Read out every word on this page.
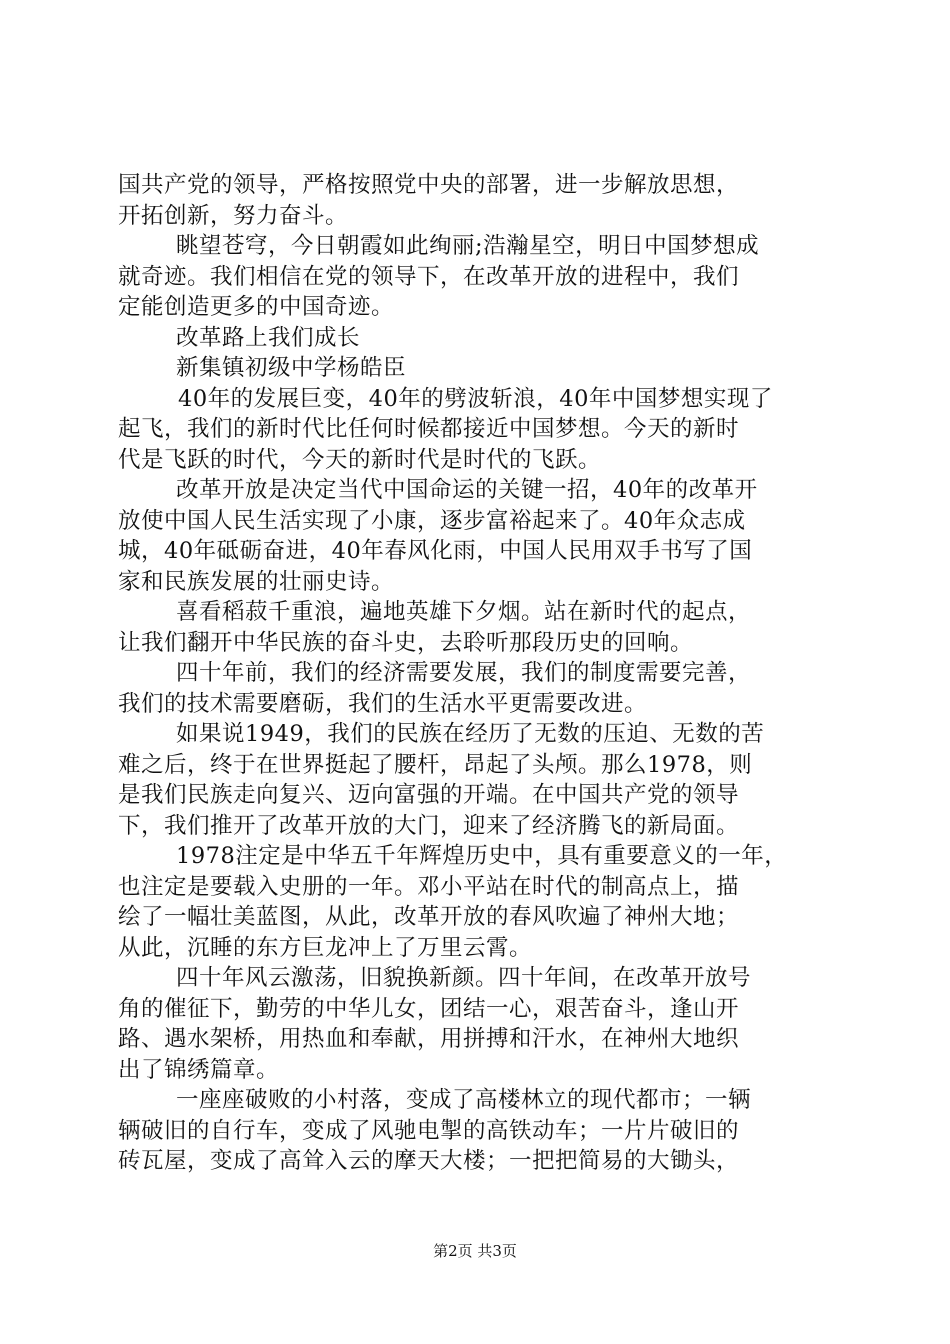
国共产党的领导，严格按照党中央的部署，进一步解放思想，
开拓创新，努力奋斗。
眺望苍穹，今日朝霞如此绚丽;浩瀚星空，明日中国梦想成
就奇迹。我们相信在党的领导下，在改革开放的进程中，我们
定能创造更多的中国奇迹。
改革路上我们成长
新集镇初级中学杨皓臣
40年的发展巨变，40年的劈波斩浪，40年中国梦想实现了
起飞，我们的新时代比任何时候都接近中国梦想。今天的新时
代是飞跃的时代，今天的新时代是时代的飞跃。
改革开放是决定当代中国命运的关键一招，40年的改革开
放使中国人民生活实现了小康，逐步富裕起来了。40年众志成
城，40年砥砺奋进，40年春风化雨，中国人民用双手书写了国
家和民族发展的壮丽史诗。
喜看稻菽千重浪，遍地英雄下夕烟。站在新时代的起点，
让我们翻开中华民族的奋斗史，去聆听那段历史的回响。
四十年前，我们的经济需要发展，我们的制度需要完善，
我们的技术需要磨砺，我们的生活水平更需要改进。
如果说1949，我们的民族在经历了无数的压迫、无数的苦
难之后，终于在世界挺起了腰杆，昂起了头颅。那么1978，则
是我们民族走向复兴、迈向富强的开端。在中国共产党的领导
下，我们推开了改革开放的大门，迎来了经济腾飞的新局面。
1978注定是中华五千年辉煌历史中，具有重要意义的一年，
也注定是要载入史册的一年。邓小平站在时代的制高点上，描
绘了一幅壮美蓝图，从此，改革开放的春风吹遍了神州大地；
从此，沉睡的东方巨龙冲上了万里云霄。
四十年风云激荡，旧貌换新颜。四十年间，在改革开放号
角的催征下，勤劳的中华儿女，团结一心，艰苦奋斗，逢山开
路、遇水架桥，用热血和奉献，用拼搏和汗水，在神州大地织
出了锦绣篇章。
一座座破败的小村落，变成了高楼林立的现代都市；一辆
辆破旧的自行车，变成了风驰电掣的高铁动车；一片片破旧的
砖瓦屋，变成了高耸入云的摩天大楼；一把把简易的大锄头，
第2页 共3页
